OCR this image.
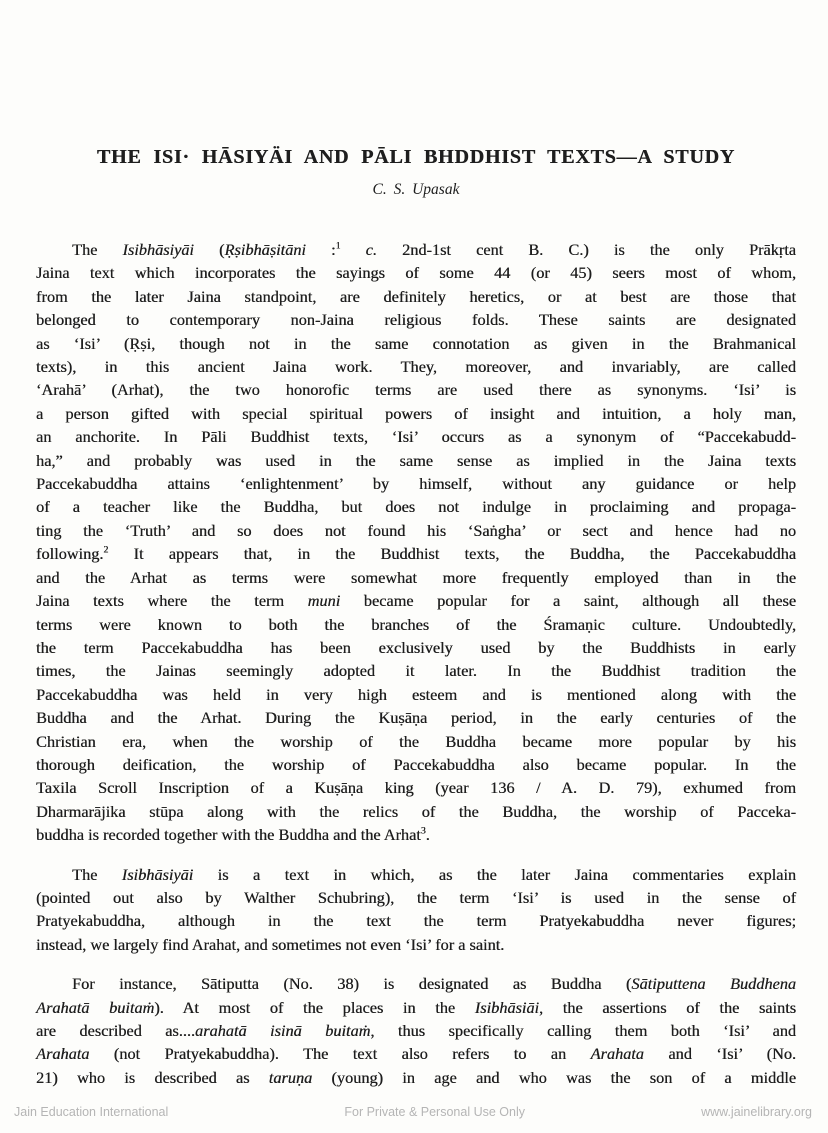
THE ISI· HĀSIYÄI AND PĀLI BHDDHIST TEXTS—A STUDY
C. S. Upasak
The Isibhāsiyāi (Ṛṣibhāṣitāni :$^1$ c. 2nd-1st cent B. C.) is the only Prākṛta
Jaina text which incorporates the sayings of some 44 (or 45) seers most of whom,
from the later Jaina standpoint, are definitely heretics, or at best are those that
belonged to contemporary non-Jaina religious folds. These saints are designated
as ‘Isi’ (Ṛṣi, though not in the same connotation as given in the Brahmanical
texts), in this ancient Jaina work. They, moreover, and invariably, are called
‘Arahā’ (Arhat), the two honorofic terms are used there as synonyms. ‘Isi’ is
a person gifted with special spiritual powers of insight and intuition, a holy man,
an anchorite. In Pāli Buddhist texts, ‘Isi’ occurs as a synonym of “Paccekabudd-
ha,” and probably was used in the same sense as implied in the Jaina texts
Paccekabuddha attains ‘enlightenment’ by himself, without any guidance or help
of a teacher like the Buddha, but does not indulge in proclaiming and propaga-
ting the ‘Truth’ and so does not found his ‘Saṅgha’ or sect and hence had no
following.$^2$ It appears that, in the Buddhist texts, the Buddha, the Paccekabuddha
and the Arhat as terms were somewhat more frequently employed than in the
Jaina texts where the term muni became popular for a saint, although all these
terms were known to both the branches of the Śramaṇic culture. Undoubtedly,
the term Paccekabuddha has been exclusively used by the Buddhists in early
times, the Jainas seemingly adopted it later. In the Buddhist tradition the
Paccekabuddha was held in very high esteem and is mentioned along with the
Buddha and the Arhat. During the Kuṣāṇa period, in the early centuries of the
Christian era, when the worship of the Buddha became more popular by his
thorough deification, the worship of Paccekabuddha also became popular. In the
Taxila Scroll Inscription of a Kuṣāṇa king (year 136 / A. D. 79), exhumed from
Dharmarājika stūpa along with the relics of the Buddha, the worship of Pacceka-
buddha is recorded together with the Buddha and the Arhat$^3$.
The Isibhāsiyāi is a text in which, as the later Jaina commentaries explain
(pointed out also by Walther Schubring), the term ‘Isi’ is used in the sense of
Pratyekabuddha, although in the text the term Pratyekabuddha never figures;
instead, we largely find Arahat, and sometimes not even ‘Isi’ for a saint.
For instance, Sātiputta (No. 38) is designated as Buddha (Sātiputtena Buddhena
Arahatā buitaṁ). At most of the places in the Isibhāsiāi, the assertions of the saints
are described as....arahatā isinā buitaṁ, thus specifically calling them both ‘Isi’ and
Arahata (not Pratyekabuddha). The text also refers to an Arahata and ‘Isi’ (No.
21) who is described as taruṇa (young) in age and who was the son of a middle
Jain Education International	For Private & Personal Use Only	www.jainelibrary.org
